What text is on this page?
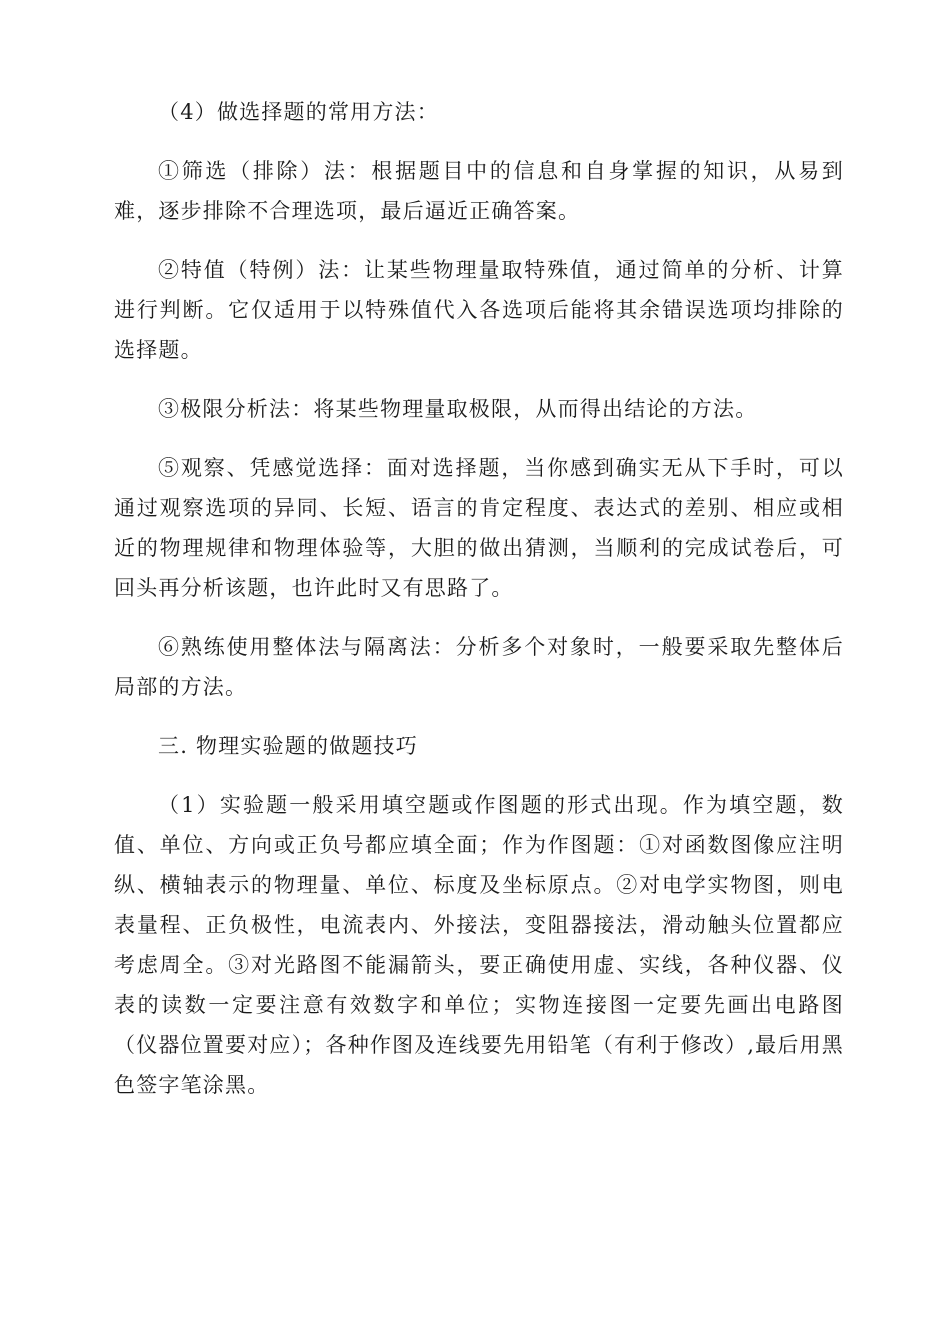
（4）做选择题的常用方法：

①筛选（排除）法：根据题目中的信息和自身掌握的知识，从易到难，逐步排除不合理选项，最后逼近正确答案。

②特值（特例）法：让某些物理量取特殊值，通过简单的分析、计算进行判断。它仅适用于以特殊值代入各选项后能将其余错误选项均排除的选择题。

③极限分析法：将某些物理量取极限，从而得出结论的方法。

⑤观察、凭感觉选择：面对选择题，当你感到确实无从下手时，可以通过观察选项的异同、长短、语言的肯定程度、表达式的差别、相应或相近的物理规律和物理体验等，大胆的做出猜测，当顺利的完成试卷后，可回头再分析该题，也许此时又有思路了。

⑥熟练使用整体法与隔离法：分析多个对象时，一般要采取先整体后局部的方法。

三. 物理实验题的做题技巧

（1）实验题一般采用填空题或作图题的形式出现。作为填空题，数值、单位、方向或正负号都应填全面；作为作图题：①对函数图像应注明纵、横轴表示的物理量、单位、标度及坐标原点。②对电学实物图，则电表量程、正负极性，电流表内、外接法，变阻器接法，滑动触头位置都应考虑周全。③对光路图不能漏箭头，要正确使用虚、实线，各种仪器、仪表的读数一定要注意有效数字和单位；实物连接图一定要先画出电路图（仪器位置要对应）；各种作图及连线要先用铅笔（有利于修改）,最后用黑色签字笔涂黑。
